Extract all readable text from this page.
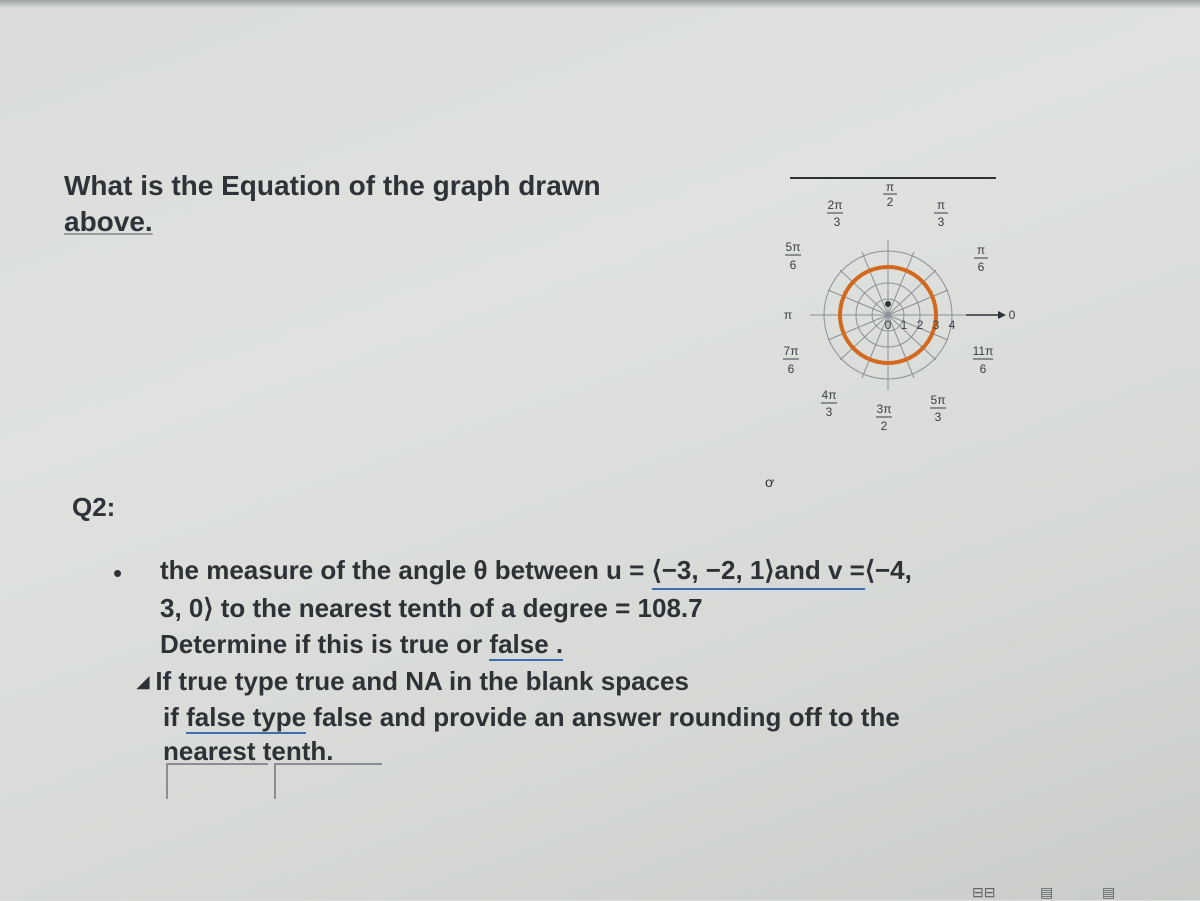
What is the Equation of the graph drawn
above.
π
2
2π
3
π
3
5π
6
π
6
π	0
7π
6
11π
6
4π
3	3π
2
5π
3
0 1 2 3 4
ơ
Q2:
• the measure of the angle θ between u = ⟨−3, −2, 1⟩and v =⟨−4,
3, 0⟩ to the nearest tenth of a degree = 108.7
Determine if this is true or false .
◢ If true type true and NA in the blank spaces
if false type false and provide an answer rounding off to the
nearest tenth.
⊟⊟	▤	▤
